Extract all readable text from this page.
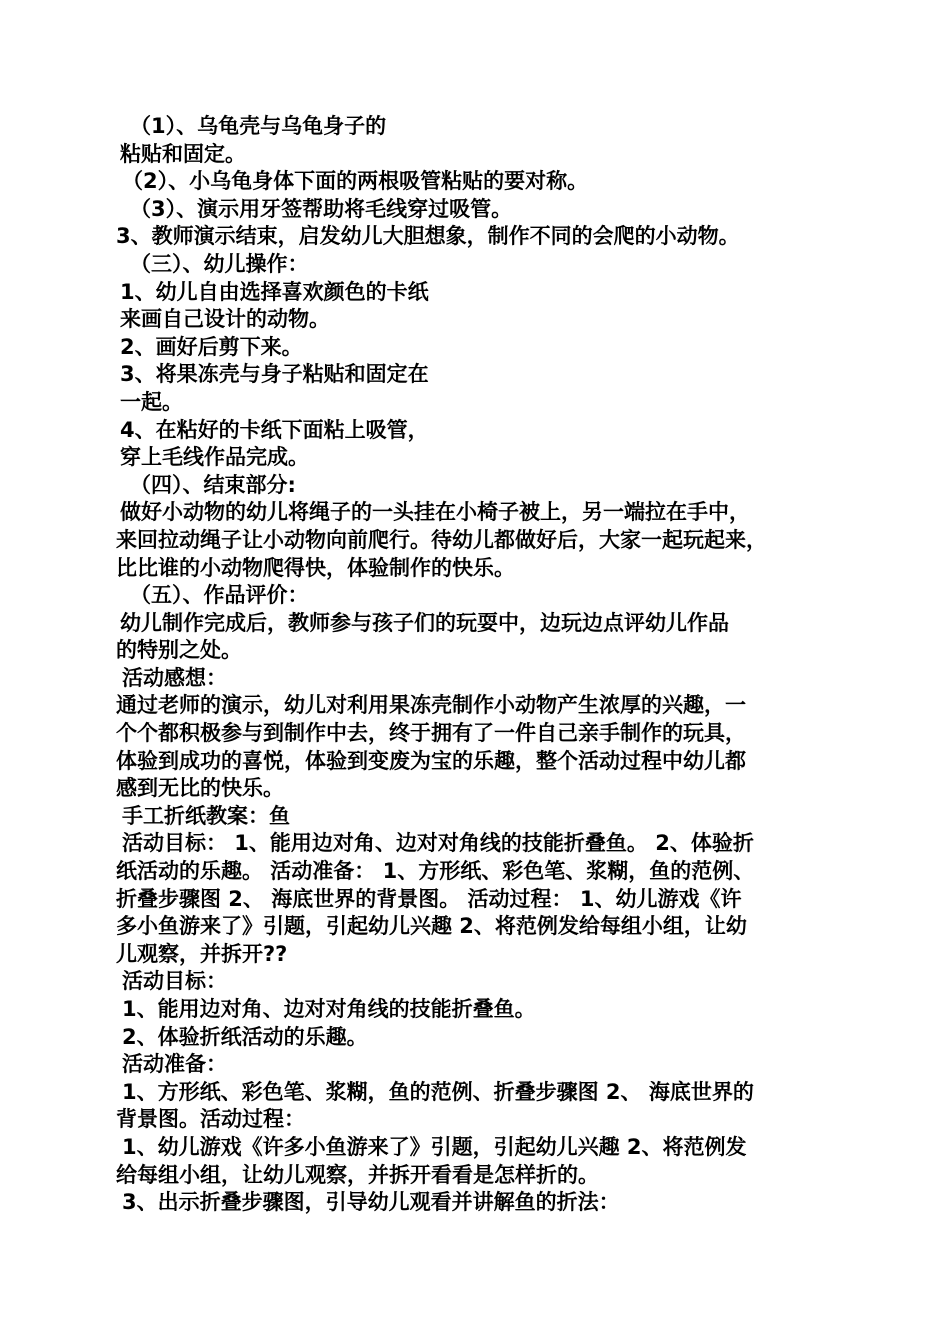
（1）、乌龟壳与乌龟身子的
粘贴和固定。
（2）、小乌龟身体下面的两根吸管粘贴的要对称。
（3）、演示用牙签帮助将毛线穿过吸管。
3、教师演示结束，启发幼儿大胆想象，制作不同的会爬的小动物。
（三）、幼儿操作：
1、幼儿自由选择喜欢颜色的卡纸
来画自己设计的动物。
2、画好后剪下来。
3、将果冻壳与身子粘贴和固定在
一起。
4、在粘好的卡纸下面粘上吸管，
穿上毛线作品完成。
（四）、结束部分:
做好小动物的幼儿将绳子的一头挂在小椅子被上，另一端拉在手中，
来回拉动绳子让小动物向前爬行。待幼儿都做好后，大家一起玩起来，
比比谁的小动物爬得快，体验制作的快乐。
（五）、作品评价：
幼儿制作完成后，教师参与孩子们的玩耍中，边玩边点评幼儿作品
的特别之处。
活动感想：
通过老师的演示，幼儿对利用果冻壳制作小动物产生浓厚的兴趣，一
个个都积极参与到制作中去，终于拥有了一件自己亲手制作的玩具，
体验到成功的喜悦，体验到变废为宝的乐趣，整个活动过程中幼儿都
感到无比的快乐。
手工折纸教案：鱼
活动目标： 1、能用边对角、边对对角线的技能折叠鱼。 2、体验折
纸活动的乐趣。 活动准备： 1、方形纸、彩色笔、浆糊，鱼的范例、
折叠步骤图 2、 海底世界的背景图。 活动过程： 1、幼儿游戏《许
多小鱼游来了》引题，引起幼儿兴趣 2、将范例发给每组小组，让幼
儿观察，并拆开??
活动目标：
1、能用边对角、边对对角线的技能折叠鱼。
2、体验折纸活动的乐趣。
活动准备：
1、方形纸、彩色笔、浆糊，鱼的范例、折叠步骤图 2、 海底世界的
背景图。活动过程：
1、幼儿游戏《许多小鱼游来了》引题，引起幼儿兴趣 2、将范例发
给每组小组，让幼儿观察，并拆开看看是怎样折的。
3、出示折叠步骤图，引导幼儿观看并讲解鱼的折法：
